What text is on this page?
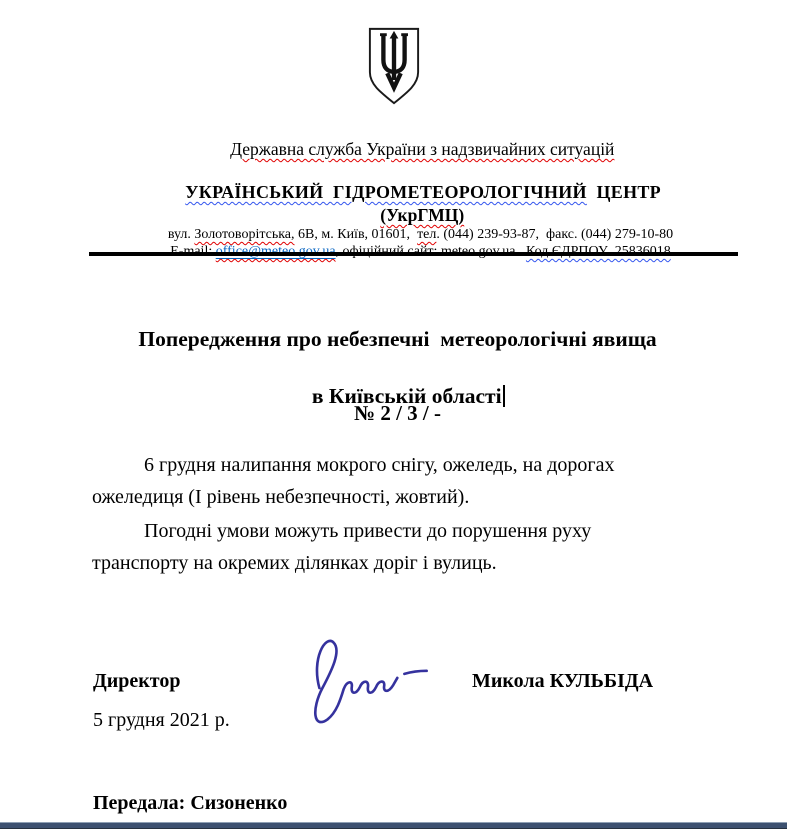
Державна служба України з надзвичайних ситуацій

УКРАЇНСЬКИЙ  ГІДРОМЕТЕОРОЛОГІЧНИЙ  ЦЕНТР

(УкрГМЦ)

вул. Золотоворітська, 6В, м. Київ, 01601,  тел. (044) 239-93-87,  факс. (044) 279-10-80

Попередження про небезпечні  метеорологічні явища

в Київській області

№ 2 / 3 / -
6 грудня налипання мокрого снігу, ожеледь, на дорогах ожеледиця (І рівень небезпечності, жовтий).
Погодні умови можуть привести до порушення руху транспорту на окремих ділянках доріг і вулиць.
Директор	Микола КУЛЬБІДА
5 грудня 2021 р.
Передала: Сизоненко
